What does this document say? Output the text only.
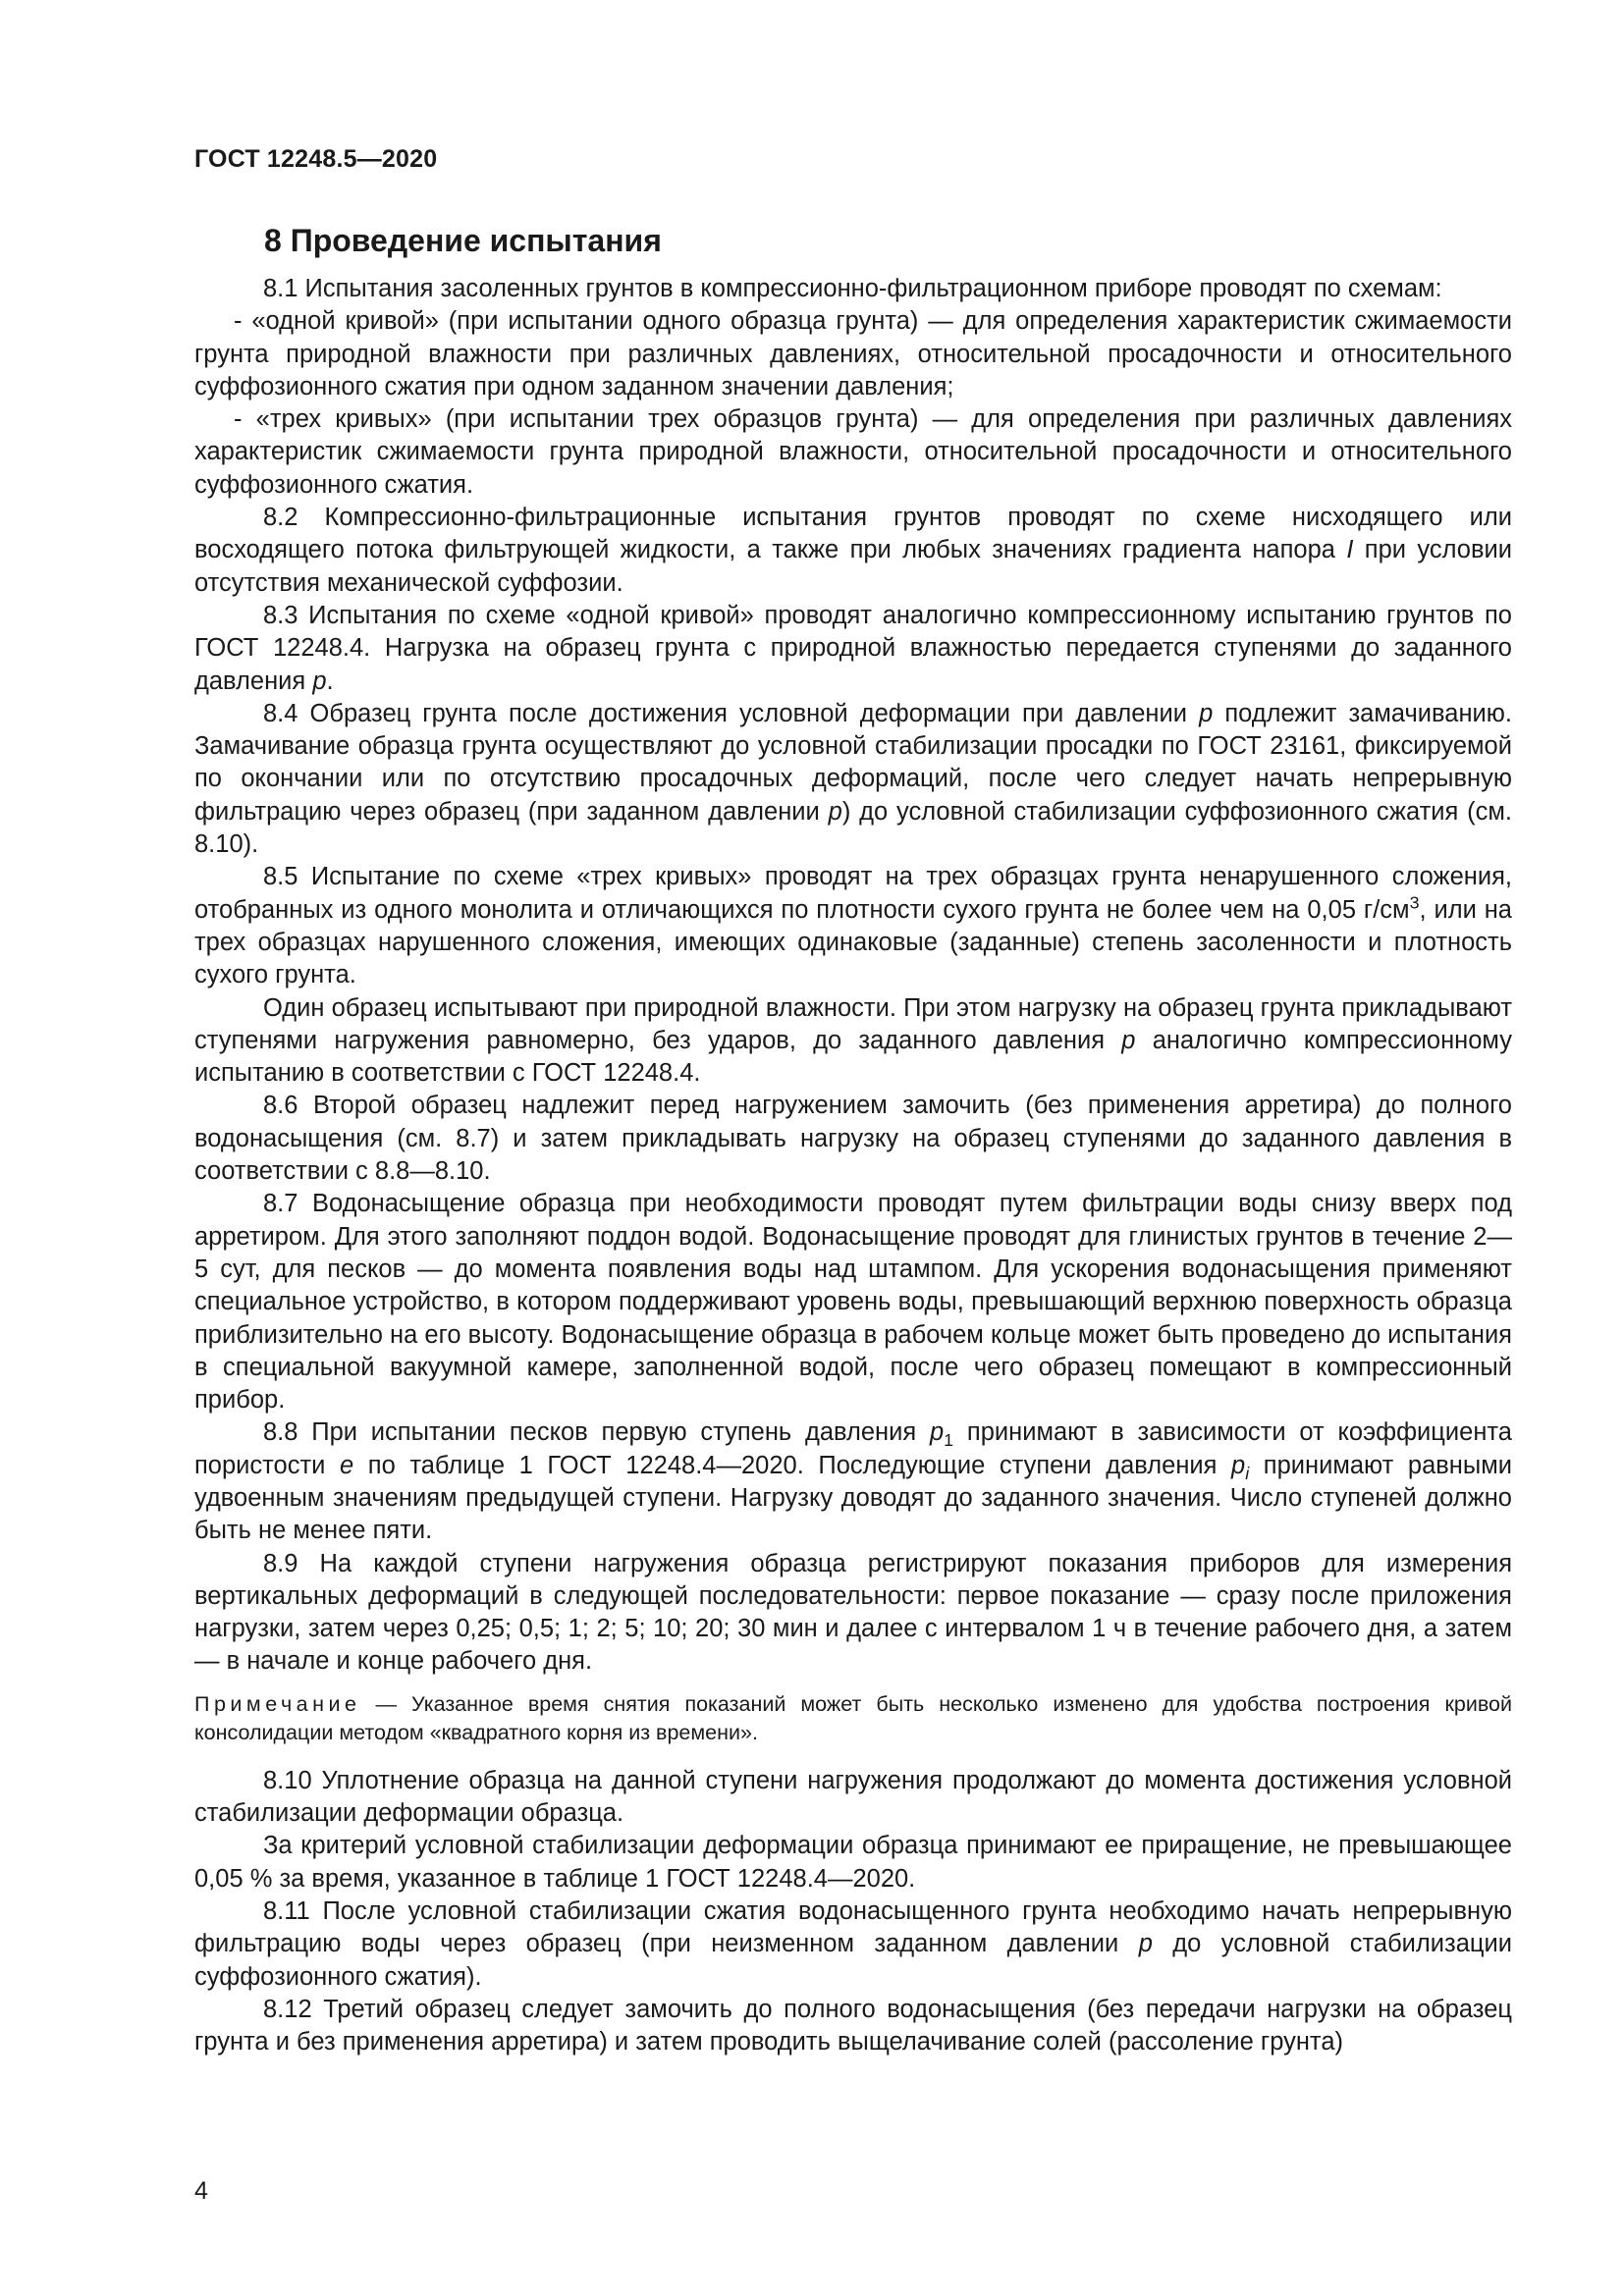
ГОСТ 12248.5—2020
8 Проведение испытания

8.1 Испытания засоленных грунтов в компрессионно-фильтрационном приборе проводят по схемам:

- «одной кривой» (при испытании одного образца грунта) — для определения характеристик сжимаемости грунта природной влажности при различных давлениях, относительной просадочности и относительного суффозионного сжатия при одном заданном значении давления;

- «трех кривых» (при испытании трех образцов грунта) — для определения при различных давлениях характеристик сжимаемости грунта природной влажности, относительной просадочности и относительного суффозионного сжатия.

8.2 Компрессионно-фильтрационные испытания грунтов проводят по схеме нисходящего или восходящего потока фильтрующей жидкости, а также при любых значениях градиента напора I при условии отсутствия механической суффозии.

8.3 Испытания по схеме «одной кривой» проводят аналогично компрессионному испытанию грунтов по ГОСТ 12248.4. Нагрузка на образец грунта с природной влажностью передается ступенями до заданного давления p.

8.4 Образец грунта после достижения условной деформации при давлении p подлежит замачиванию. Замачивание образца грунта осуществляют до условной стабилизации просадки по ГОСТ 23161, фиксируемой по окончании или по отсутствию просадочных деформаций, после чего следует начать непрерывную фильтрацию через образец (при заданном давлении p) до условной стабилизации суффозионного сжатия (см. 8.10).

8.5 Испытание по схеме «трех кривых» проводят на трех образцах грунта ненарушенного сложения, отобранных из одного монолита и отличающихся по плотности сухого грунта не более чем на 0,05 $г/см^3$, или на трех образцах нарушенного сложения, имеющих одинаковые (заданные) степень засоленности и плотность сухого грунта.

Один образец испытывают при природной влажности. При этом нагрузку на образец грунта прикладывают ступенями нагружения равномерно, без ударов, до заданного давления p аналогично компрессионному испытанию в соответствии с ГОСТ 12248.4.

8.6 Второй образец надлежит перед нагружением замочить (без применения арретира) до полного водонасыщения (см. 8.7) и затем прикладывать нагрузку на образец ступенями до заданного давления в соответствии с 8.8—8.10.

8.7 Водонасыщение образца при необходимости проводят путем фильтрации воды снизу вверх под арретиром. Для этого заполняют поддон водой. Водонасыщение проводят для глинистых грунтов в течение 2—5 сут, для песков — до момента появления воды над штампом. Для ускорения водонасыщения применяют специальное устройство, в котором поддерживают уровень воды, превышающий верхнюю поверхность образца приблизительно на его высоту. Водонасыщение образца в рабочем кольце может быть проведено до испытания в специальной вакуумной камере, заполненной водой, после чего образец помещают в компрессионный прибор.

8.8 При испытании песков первую ступень давления $p_1$ принимают в зависимости от коэффициента пористости e по таблице 1 ГОСТ 12248.4—2020. Последующие ступени давления $p_i$ принимают равными удвоенным значениям предыдущей ступени. Нагрузку доводят до заданного значения. Число ступеней должно быть не менее пяти.

8.9 На каждой ступени нагружения образца регистрируют показания приборов для измерения вертикальных деформаций в следующей последовательности: первое показание — сразу после приложения нагрузки, затем через 0,25; 0,5; 1; 2; 5; 10; 20; 30 мин и далее с интервалом 1 ч в течение рабочего дня, а затем — в начале и конце рабочего дня.

Примечание — Указанное время снятия показаний может быть несколько изменено для удобства построения кривой консолидации методом «квадратного корня из времени».

8.10 Уплотнение образца на данной ступени нагружения продолжают до момента достижения условной стабилизации деформации образца.

За критерий условной стабилизации деформации образца принимают ее приращение, не превышающее 0,05 % за время, указанное в таблице 1 ГОСТ 12248.4—2020.

8.11 После условной стабилизации сжатия водонасыщенного грунта необходимо начать непрерывную фильтрацию воды через образец (при неизменном заданном давлении p до условной стабилизации суффозионного сжатия).

8.12 Третий образец следует замочить до полного водонасыщения (без передачи нагрузки на образец грунта и без применения арретира) и затем проводить выщелачивание солей (рассоление грунта)

4
